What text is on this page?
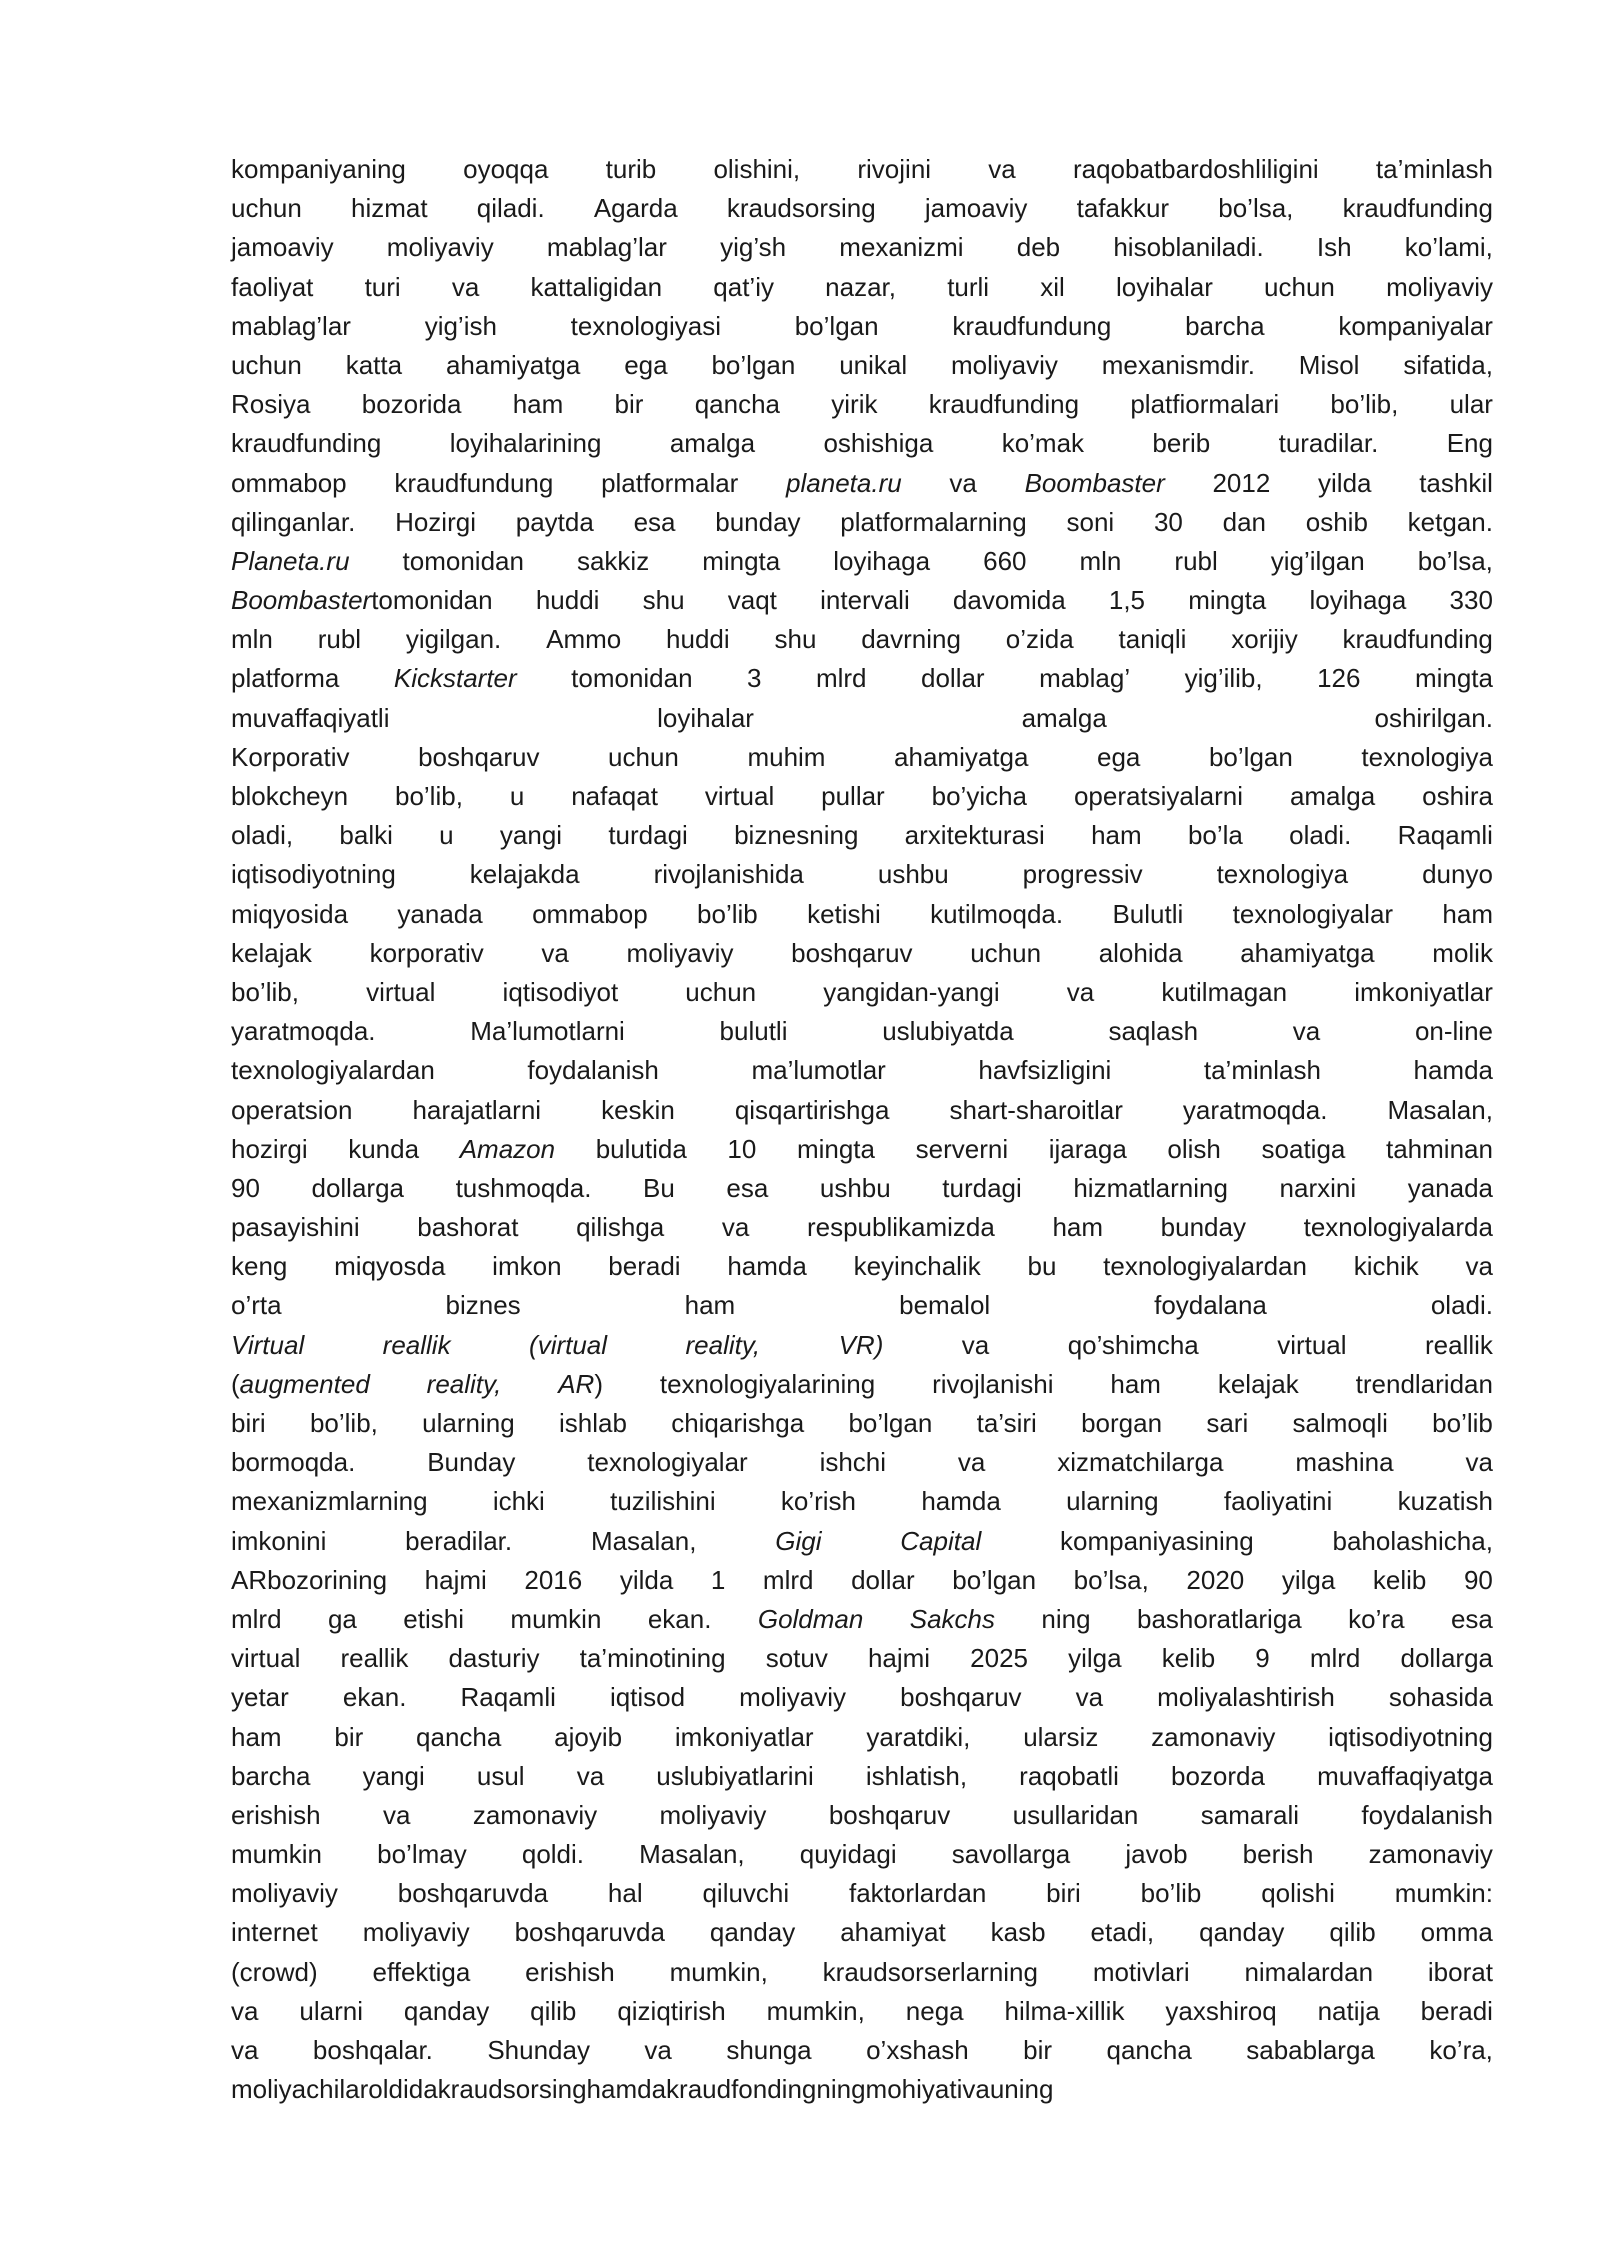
kompaniyaning oyoqqa turib olishini, rivojini va raqobatbardoshliligini ta’minlash
uchun hizmat qiladi. Agarda kraudsorsing jamoaviy tafakkur bo’lsa, kraudfunding
jamoaviy moliyaviy mablag’lar yig’sh mexanizmi deb hisoblaniladi. Ish ko’lami,
faoliyat turi va kattaligidan qat’iy nazar, turli xil loyihalar uchun moliyaviy
mablag’lar	yig’ish	texnologiyasi	bo’lgan	kraudfundung	barcha	kompaniyalar
uchun katta ahamiyatga ega bo’lgan unikal moliyaviy mexanismdir. Misol sifatida,
Rosiya bozorida ham bir qancha yirik kraudfunding platfiormalari bo’lib, ular
kraudfunding	loyihalarining	amalga	oshishiga	ko’mak	berib	turadilar.	Eng
ommabop kraudfundung platformalar planeta.ru va Boombaster 2012 yilda tashkil
qilinganlar. Hozirgi paytda esa bunday platformalarning soni 30 dan oshib ketgan.
Planeta.ru tomonidan sakkiz mingta loyihaga 660 mln rubl yig’ilgan bo’lsa,
Boombastertomonidan huddi shu vaqt intervali davomida 1,5 mingta loyihaga 330
mln rubl yigilgan. Ammo huddi shu davrning o’zida taniqli xorijiy kraudfunding
platforma Kickstarter tomonidan 3 mlrd dollar mablag’ yig’ilib, 126 mingta
muvaffaqiyatli	loyihalar	amalga	oshirilgan.
Korporativ	boshqaruv	uchun	muhim	ahamiyatga	ega	bo’lgan	texnologiya
blokcheyn bo’lib, u nafaqat virtual pullar bo’yicha operatsiyalarni amalga oshira
oladi, balki u yangi turdagi biznesning arxitekturasi ham bo’la oladi. Raqamli
iqtisodiyotning	kelajakda	rivojlanishida	ushbu	progressiv	texnologiya	dunyo
miqyosida yanada ommabop bo’lib ketishi kutilmoqda. Bulutli texnologiyalar ham
kelajak korporativ va moliyaviy boshqaruv uchun alohida ahamiyatga molik
bo’lib,	virtual	iqtisodiyot	uchun	yangidan-yangi	va	kutilmagan	imkoniyatlar
yaratmoqda.	Ma’lumotlarni	bulutli	uslubiyatda	saqlash	va	on-line
texnologiyalardan	foydalanish	ma’lumotlar	havfsizligini	ta’minlash	hamda
operatsion harajatlarni keskin qisqartirishga shart-sharoitlar yaratmoqda. Masalan,
hozirgi kunda Amazon bulutida 10 mingta serverni ijaraga olish soatiga tahminan
90 dollarga tushmoqda. Bu esa ushbu turdagi hizmatlarning narxini yanada
pasayishini bashorat qilishga va respublikamizda ham bunday texnologiyalarda
keng miqyosda imkon beradi hamda keyinchalik bu texnologiyalardan kichik va
o’rta	biznes	ham	bemalol	foydalana	oladi.
Virtual	reallik	(virtual	reality,	VR)	va	qo’shimcha	virtual	reallik
(augmented reality, AR) texnologiyalarining rivojlanishi ham kelajak trendlaridan
biri bo’lib, ularning ishlab chiqarishga bo’lgan ta’siri borgan sari salmoqli bo’lib
bormoqda.	Bunday	texnologiyalar	ishchi	va	xizmatchilarga	mashina	va
mexanizmlarning	ichki	tuzilishini	ko’rish	hamda	ularning	faoliyatini	kuzatish
imkonini	beradilar.	Masalan,	Gigi	Capital	kompaniyasining	baholashicha,
ARbozorining hajmi 2016 yilda 1 mlrd dollar bo’lgan bo’lsa, 2020 yilga kelib 90
mlrd ga etishi mumkin ekan. Goldman Sakchs ning bashoratlariga ko’ra esa
virtual reallik dasturiy ta’minotining sotuv hajmi 2025 yilga kelib 9 mlrd dollarga
yetar ekan. Raqamli iqtisod moliyaviy boshqaruv va moliyalashtirish sohasida
ham bir qancha ajoyib imkoniyatlar yaratdiki, ularsiz zamonaviy iqtisodiyotning
barcha yangi usul va uslubiyatlarini ishlatish, raqobatli bozorda muvaffaqiyatga
erishish va zamonaviy moliyaviy boshqaruv usullaridan samarali foydalanish
mumkin bo’lmay qoldi. Masalan, quyidagi savollarga javob berish zamonaviy
moliyaviy boshqaruvda hal qiluvchi faktorlardan biri bo’lib qolishi mumkin:
internet moliyaviy boshqaruvda qanday ahamiyat kasb etadi, qanday qilib omma
(crowd) effektiga erishish mumkin, kraudsorserlarning motivlari nimalardan iborat
va ularni qanday qilib qiziqtirish mumkin, nega hilma-xillik yaxshiroq natija beradi
va boshqalar. Shunday va shunga o’xshash bir qancha sabablarga ko’ra,
moliyachilar oldida kraudsorsing hamda kraudfondingning mohiyati va uning
